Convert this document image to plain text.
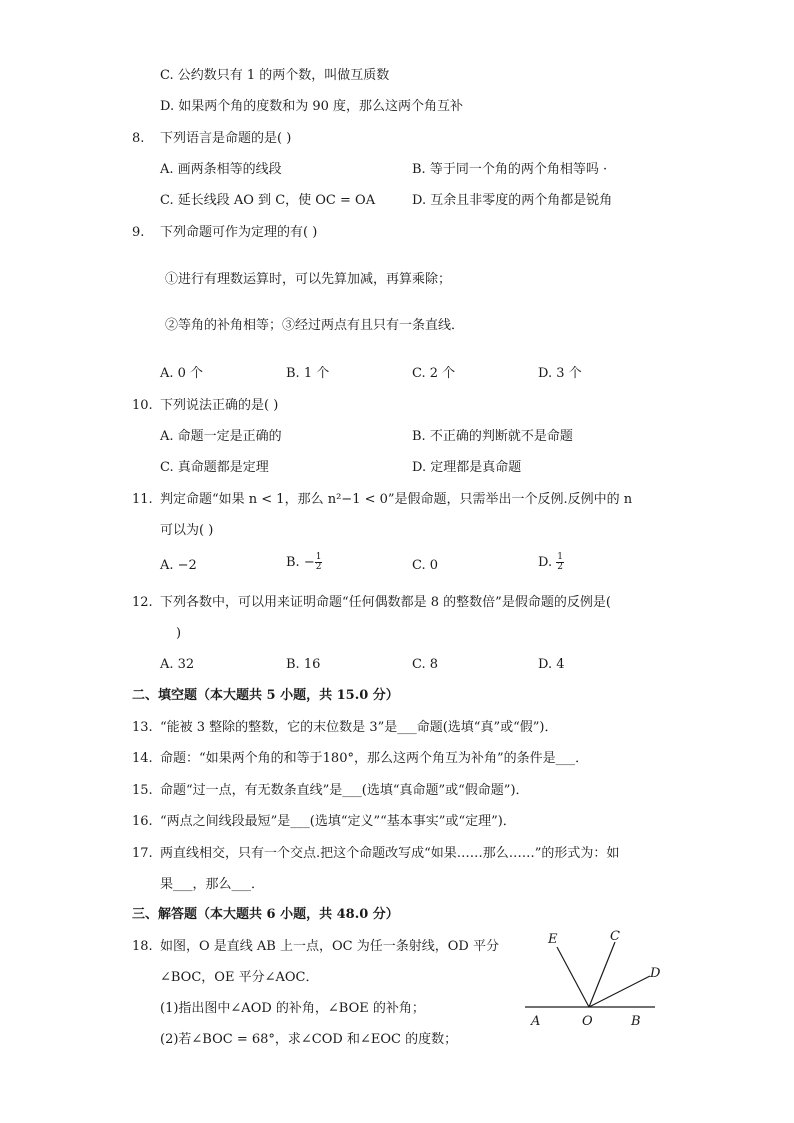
C. 公约数只有 1 的两个数，叫做互质数
D. 如果两个角的度数和为 90 度，那么这两个角互补
8. 下列语言是命题的是( )
A. 画两条相等的线段	B. 等于同一个角的两个角相等吗 ·
C. 延长线段 AO 到 C，使 OC = OA	D. 互余且非零度的两个角都是锐角
9. 下列命题可作为定理的有( )
①进行有理数运算时，可以先算加减，再算乘除；
②等角的补角相等；③经过两点有且只有一条直线．
A. 0 个	B. 1 个	C. 2 个	D. 3 个
10. 下列说法正确的是( )
A. 命题一定是正确的	B. 不正确的判断就不是命题
C. 真命题都是定理	D. 定理都是真命题
11. 判定命题“如果 n < 1，那么 n²−1 < 0”是假命题，只需举出一个反例.反例中的 n
可以为( )
A. −2	B. − $\frac{1}{2}$	C. 0	D. $\frac{1}{2}$
12. 下列各数中，可以用来证明命题“任何偶数都是 8 的整数倍”是假命题的反例是(
)
A. 32	B. 16	C. 8	D. 4
二、填空题（本大题共 5 小题，共 15.0 分）
13. “能被 3 整除的整数，它的末位数是 3”是___命题(选填“真”或“假”)．
14. 命题：“如果两个角的和等于180°，那么这两个角互为补角”的条件是___．
15. 命题“过一点，有无数条直线”是___(选填“真命题”或“假命题”)．
16. “两点之间线段最短”是___(选填“定义”“基本事实”或“定理”)．
17. 两直线相交，只有一个交点.把这个命题改写成“如果……那么……”的形式为：如
果___，那么___．
三、解答题（本大题共 6 小题，共 48.0 分）
18. 如图，O 是直线 AB 上一点，OC 为任一条射线，OD 平分
∠BOC，OE 平分∠AOC．
(1)指出图中∠AOD 的补角，∠BOE 的补角；
(2)若∠BOC = 68°，求∠COD 和∠EOC 的度数；
A	O	B
C
D
E
